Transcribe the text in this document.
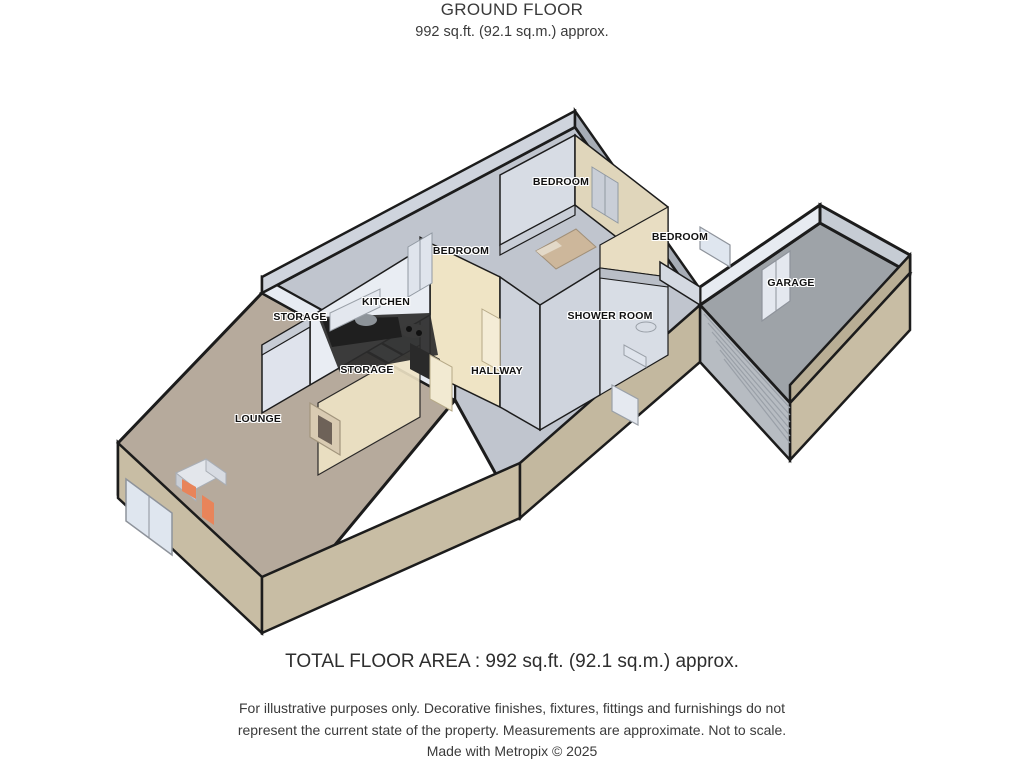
GROUND FLOOR
992 sq.ft. (92.1 sq.m.) approx.
BEDROOM
BEDROOM
BEDROOM
GARAGE
KITCHEN
STORAGE
STORAGE
SHOWER ROOM
HALLWAY
LOUNGE
TOTAL FLOOR AREA : 992 sq.ft. (92.1 sq.m.) approx.
For illustrative purposes only. Decorative finishes, fixtures, fittings and furnishings do not
represent the current state of the property. Measurements are approximate. Not to scale.
Made with Metropix © 2025
